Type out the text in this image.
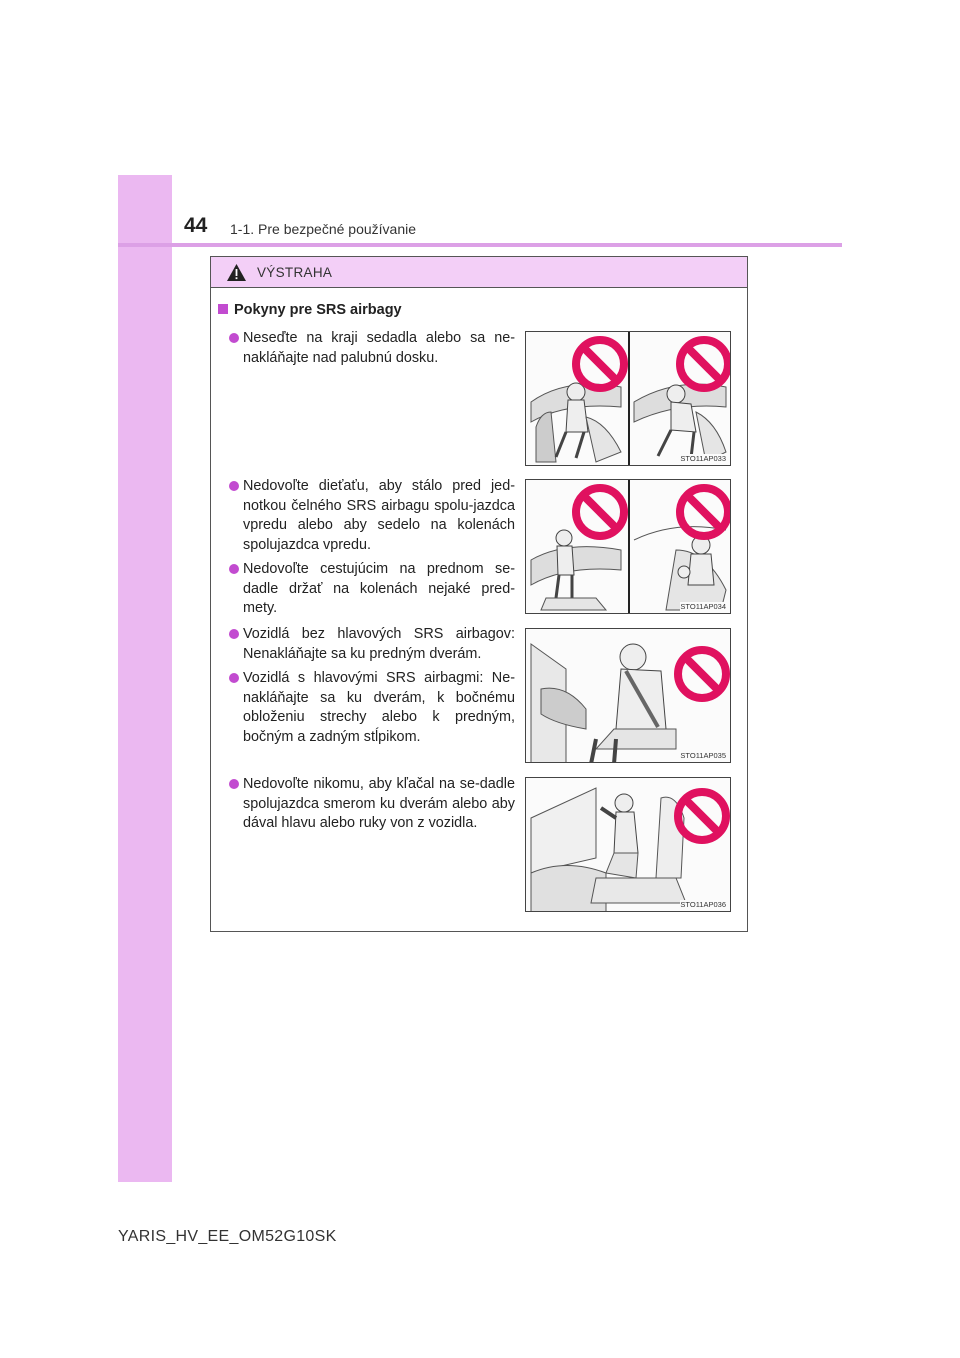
44 1-1. Pre bezpečné používanie
VÝSTRAHA
Pokyny pre SRS airbagy
Neseďte na kraji sedadla alebo sa ne-nakláňajte nad palubnú dosku.
STO11AP033
Nedovoľte dieťaťu, aby stálo pred jed-notkou čelného SRS airbagu spolu-jazdca vpredu alebo aby sedelo na kolenách spolujazdca vpredu.
Nedovoľte cestujúcim na prednom se-dadle držať na kolenách nejaké pred-mety.	STO11AP034
Vozidlá bez hlavových SRS airbagov: Nenakláňajte sa ku predným dverám.
Vozidlá s hlavovými SRS airbagmi: Ne-nakláňajte sa ku dverám, k bočnému obloženiu strechy alebo k predným, bočným a zadným stĺpikom.
STO11AP035
Nedovoľte nikomu, aby kľačal na se-dadle spolujazdca smerom ku dverám alebo aby dával hlavu alebo ruky von z vozidla.
STO11AP036
YARIS_HV_EE_OM52G10SK
